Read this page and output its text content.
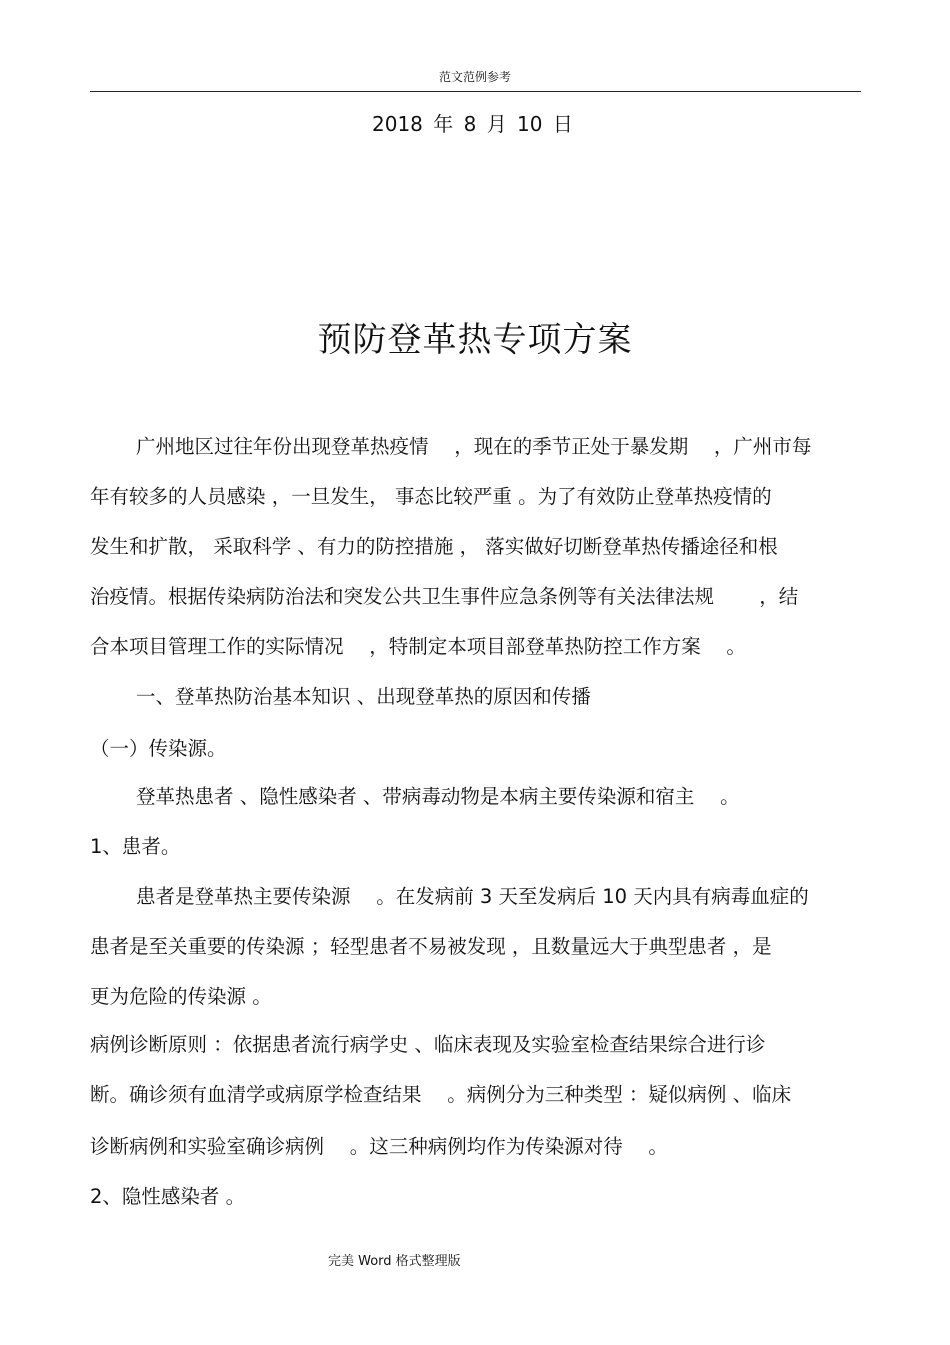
范文范例参考
2018 年 8 月 10 日
预防登革热专项方案
广州地区过往年份出现登革热疫情　 ，现在的季节正处于暴发期　 ，广州市每
年有较多的人员感染 ，一旦发生， 事态比较严重 。为了有效防止登革热疫情的
发生和扩散， 采取科学 、有力的防控措施 ， 落实做好切断登革热传播途径和根
治疫情。根据传染病防治法和突发公共卫生事件应急条例等有关法律法规　　 ，结
合本项目管理工作的实际情况　 ，特制定本项目部登革热防控工作方案　 。
一、登革热防治基本知识 、出现登革热的原因和传播
（一）传染源。
登革热患者 、隐性感染者 、带病毒动物是本病主要传染源和宿主　 。
1、患者。
患者是登革热主要传染源　 。在发病前 3 天至发病后 10 天内具有病毒血症的
患者是至关重要的传染源 ；轻型患者不易被发现 ，且数量远大于典型患者 ，是
更为危险的传染源 。
病例诊断原则 ：依据患者流行病学史 、临床表现及实验室检查结果综合进行诊
断。确诊须有血清学或病原学检查结果　 。病例分为三种类型 ：疑似病例 、临床
诊断病例和实验室确诊病例　 。这三种病例均作为传染源对待　 。
2、隐性感染者 。
完美 Word 格式整理版
